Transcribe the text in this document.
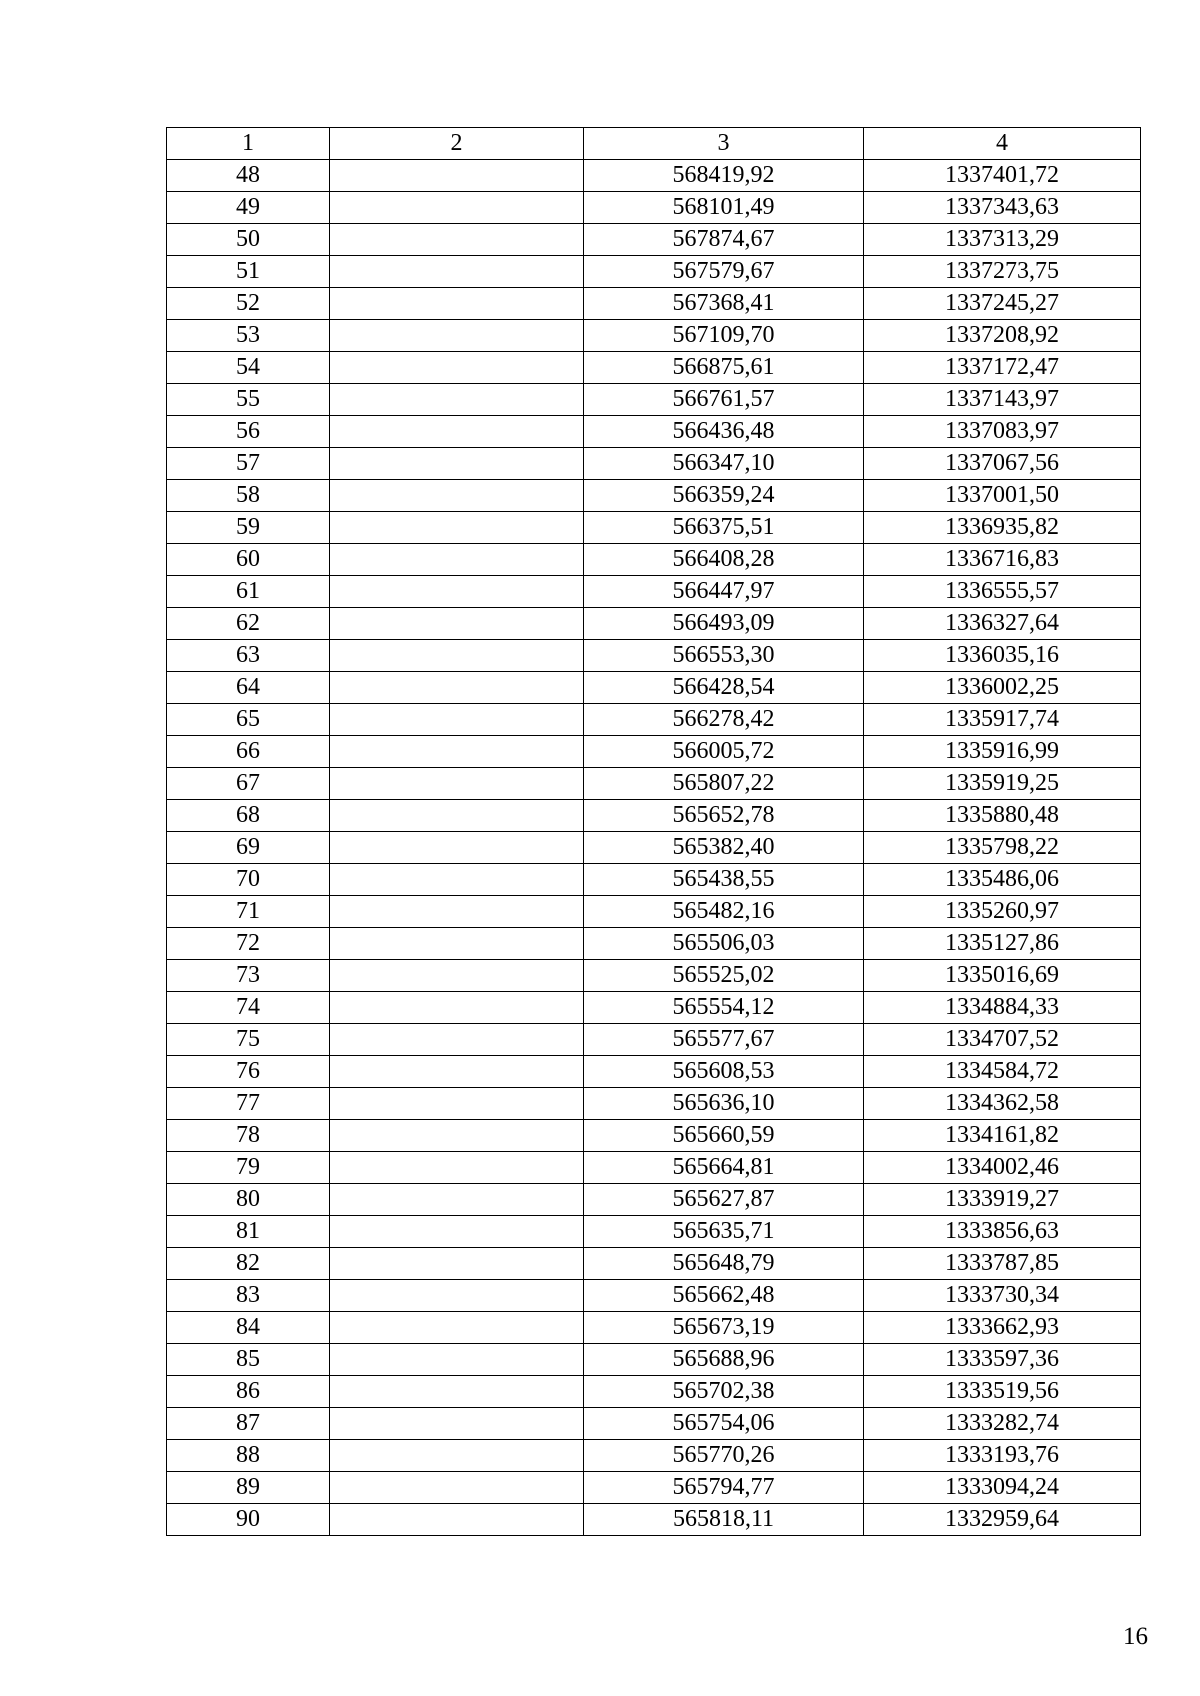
1	2	3	4
48		568419,92	1337401,72
49		568101,49	1337343,63
50		567874,67	1337313,29
51		567579,67	1337273,75
52		567368,41	1337245,27
53		567109,70	1337208,92
54		566875,61	1337172,47
55		566761,57	1337143,97
56		566436,48	1337083,97
57		566347,10	1337067,56
58		566359,24	1337001,50
59		566375,51	1336935,82
60		566408,28	1336716,83
61		566447,97	1336555,57
62		566493,09	1336327,64
63		566553,30	1336035,16
64		566428,54	1336002,25
65		566278,42	1335917,74
66		566005,72	1335916,99
67		565807,22	1335919,25
68		565652,78	1335880,48
69		565382,40	1335798,22
70		565438,55	1335486,06
71		565482,16	1335260,97
72		565506,03	1335127,86
73		565525,02	1335016,69
74		565554,12	1334884,33
75		565577,67	1334707,52
76		565608,53	1334584,72
77		565636,10	1334362,58
78		565660,59	1334161,82
79		565664,81	1334002,46
80		565627,87	1333919,27
81		565635,71	1333856,63
82		565648,79	1333787,85
83		565662,48	1333730,34
84		565673,19	1333662,93
85		565688,96	1333597,36
86		565702,38	1333519,56
87		565754,06	1333282,74
88		565770,26	1333193,76
89		565794,77	1333094,24
90		565818,11	1332959,64
16
